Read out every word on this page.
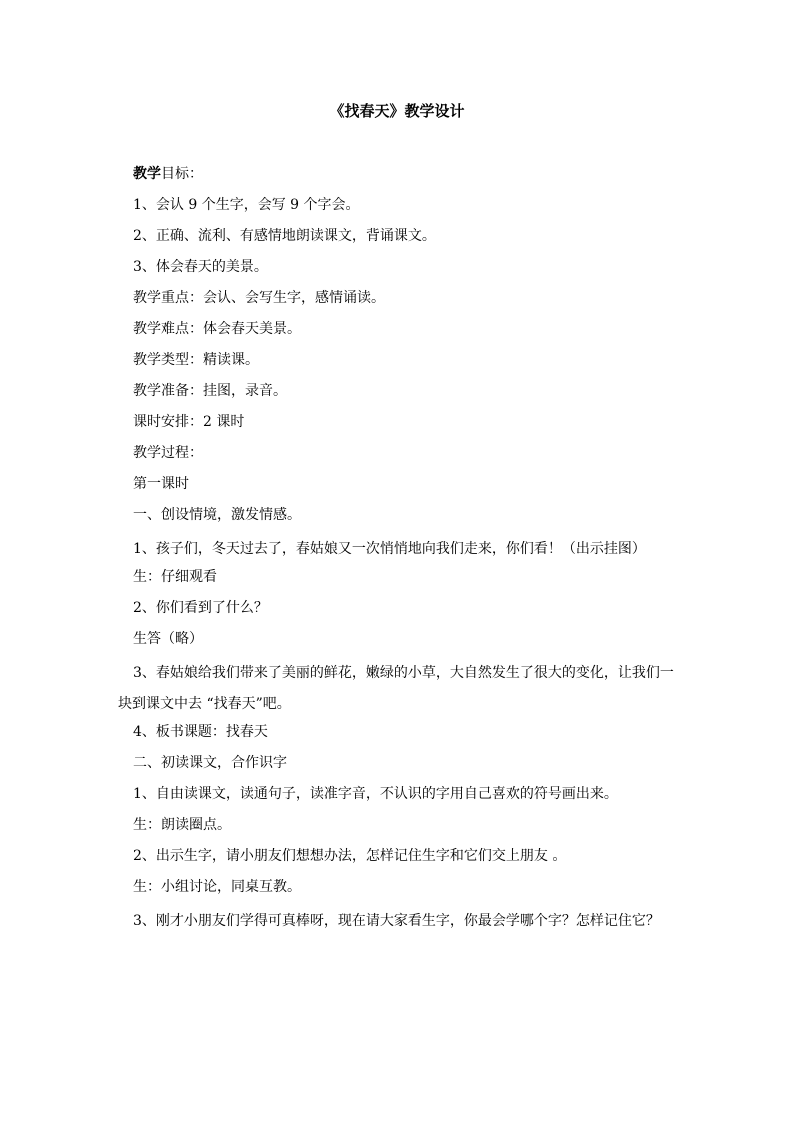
《找春天》教学设计
教学目标：
1、会认 9 个生字，会写 9 个字会。
2、正确、流利、有感情地朗读课文，背诵课文。
3、体会春天的美景。
教学重点：会认、会写生字，感情诵读。
教学难点：体会春天美景。
教学类型：精读课。
教学准备：挂图，录音。
课时安排：2 课时
教学过程：
第一课时
一、创设情境，激发情感。
1、孩子们，冬天过去了，春姑娘又一次悄悄地向我们走来，你们看！（出示挂图）
生：仔细观看
2、你们看到了什么？
生答（略）
3、春姑娘给我们带来了美丽的鲜花，嫩绿的小草，大自然发生了很大的变化，让我们一块到课文中去 “找春天”吧。
4、板书课题：找春天
二、初读课文，合作识字
1、自由读课文，读通句子，读准字音，不认识的字用自己喜欢的符号画出来。
生：朗读圈点。
2、出示生字，请小朋友们想想办法，怎样记住生字和它们交上朋友 。
生：小组讨论，同桌互教。
3、刚才小朋友们学得可真棒呀，现在请大家看生字，你最会学哪个字？怎样记住它？
